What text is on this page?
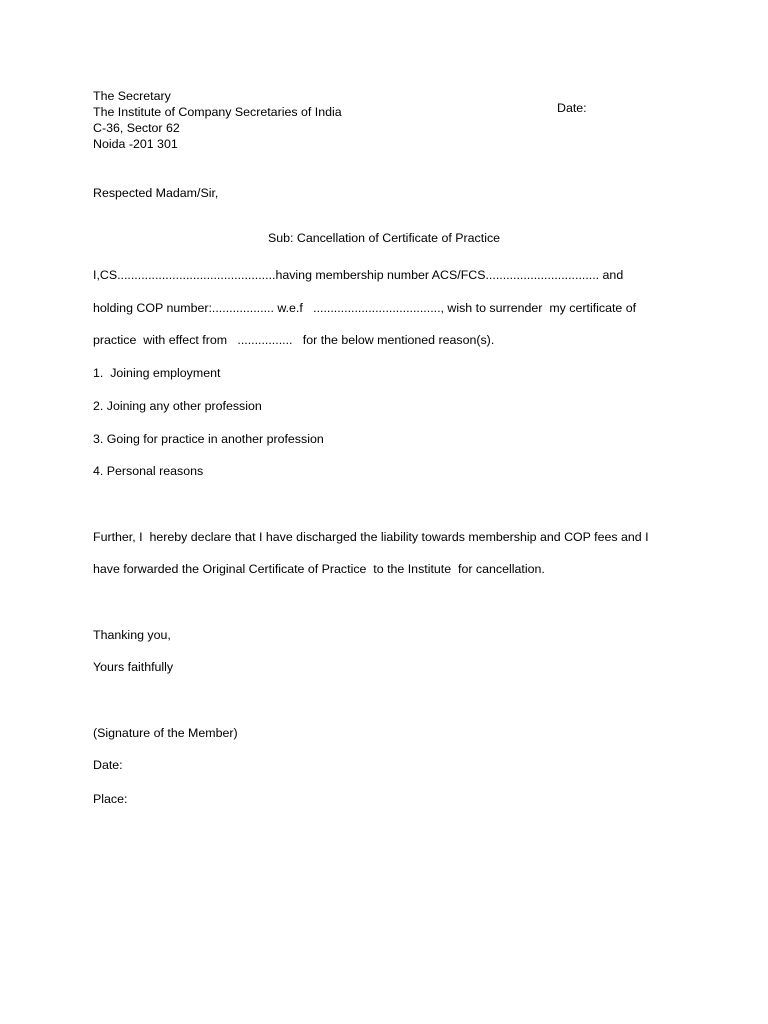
The Secretary

The Institute of Company Secretaries of India

C-36, Sector 62

Noida -201 301

Date:

Respected Madam/Sir,

Sub: Cancellation of Certificate of Practice

I,CS..............................................having membership number ACS/FCS................................. and

holding COP number:.................. w.e.f   ....................................., wish to surrender  my certificate of

practice  with effect from   ................   for the below mentioned reason(s).

1.  Joining employment

2. Joining any other profession

3. Going for practice in another profession

4. Personal reasons

Further, I  hereby declare that I have discharged the liability towards membership and COP fees and I

have forwarded the Original Certificate of Practice  to the Institute  for cancellation.

Thanking you,

Yours faithfully

(Signature of the Member)

Date:

Place:
